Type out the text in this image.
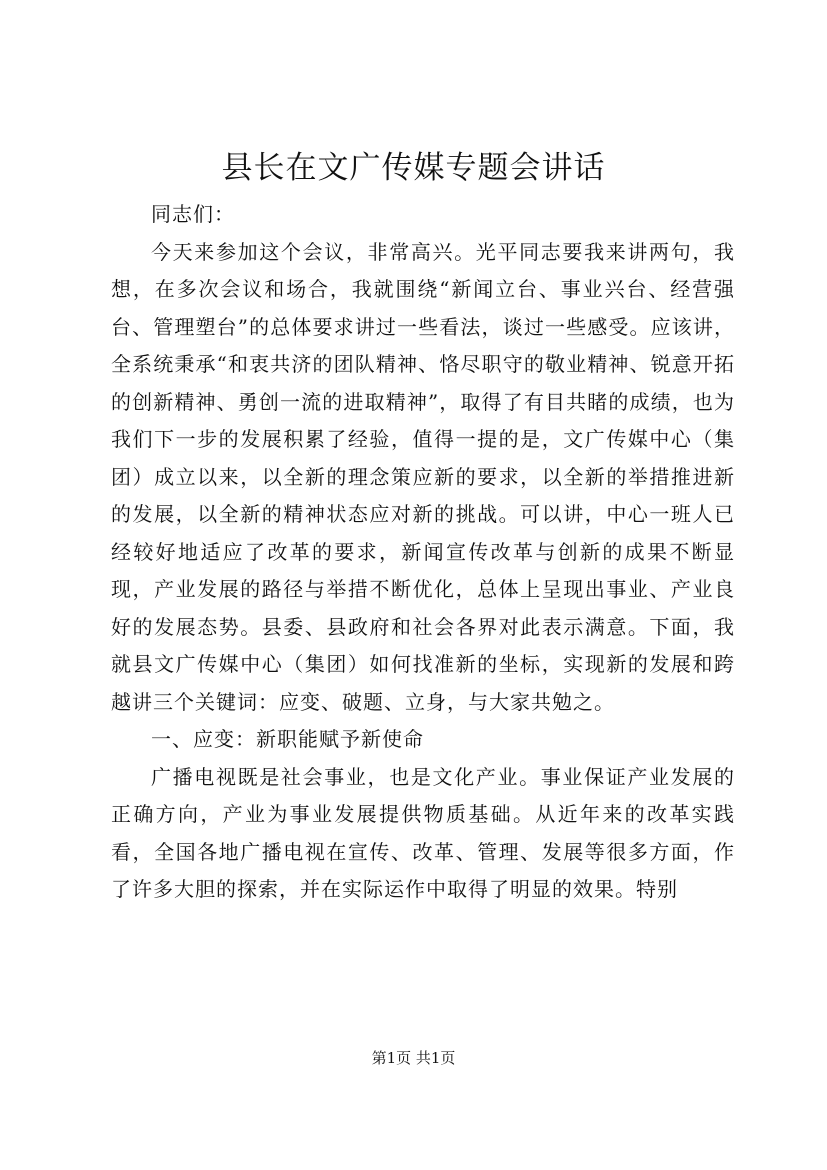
县长在文广传媒专题会讲话

同志们：

今天来参加这个会议，非常高兴。光平同志要我来讲两句，我想，在多次会议和场合，我就围绕“新闻立台、事业兴台、经营强台、管理塑台”的总体要求讲过一些看法，谈过一些感受。应该讲，全系统秉承“和衷共济的团队精神、恪尽职守的敬业精神、锐意开拓的创新精神、勇创一流的进取精神”，取得了有目共睹的成绩，也为我们下一步的发展积累了经验，值得一提的是，文广传媒中心（集团）成立以来，以全新的理念策应新的要求，以全新的举措推进新的发展，以全新的精神状态应对新的挑战。可以讲，中心一班人已经较好地适应了改革的要求，新闻宣传改革与创新的成果不断显现，产业发展的路径与举措不断优化，总体上呈现出事业、产业良好的发展态势。县委、县政府和社会各界对此表示满意。下面，我就县文广传媒中心（集团）如何找准新的坐标，实现新的发展和跨越讲三个关键词：应变、破题、立身，与大家共勉之。

一、应变：新职能赋予新使命

广播电视既是社会事业，也是文化产业。事业保证产业发展的正确方向，产业为事业发展提供物质基础。从近年来的改革实践看，全国各地广播电视在宣传、改革、管理、发展等很多方面，作了许多大胆的探索，并在实际运作中取得了明显的效果。特别

第1页 共1页
